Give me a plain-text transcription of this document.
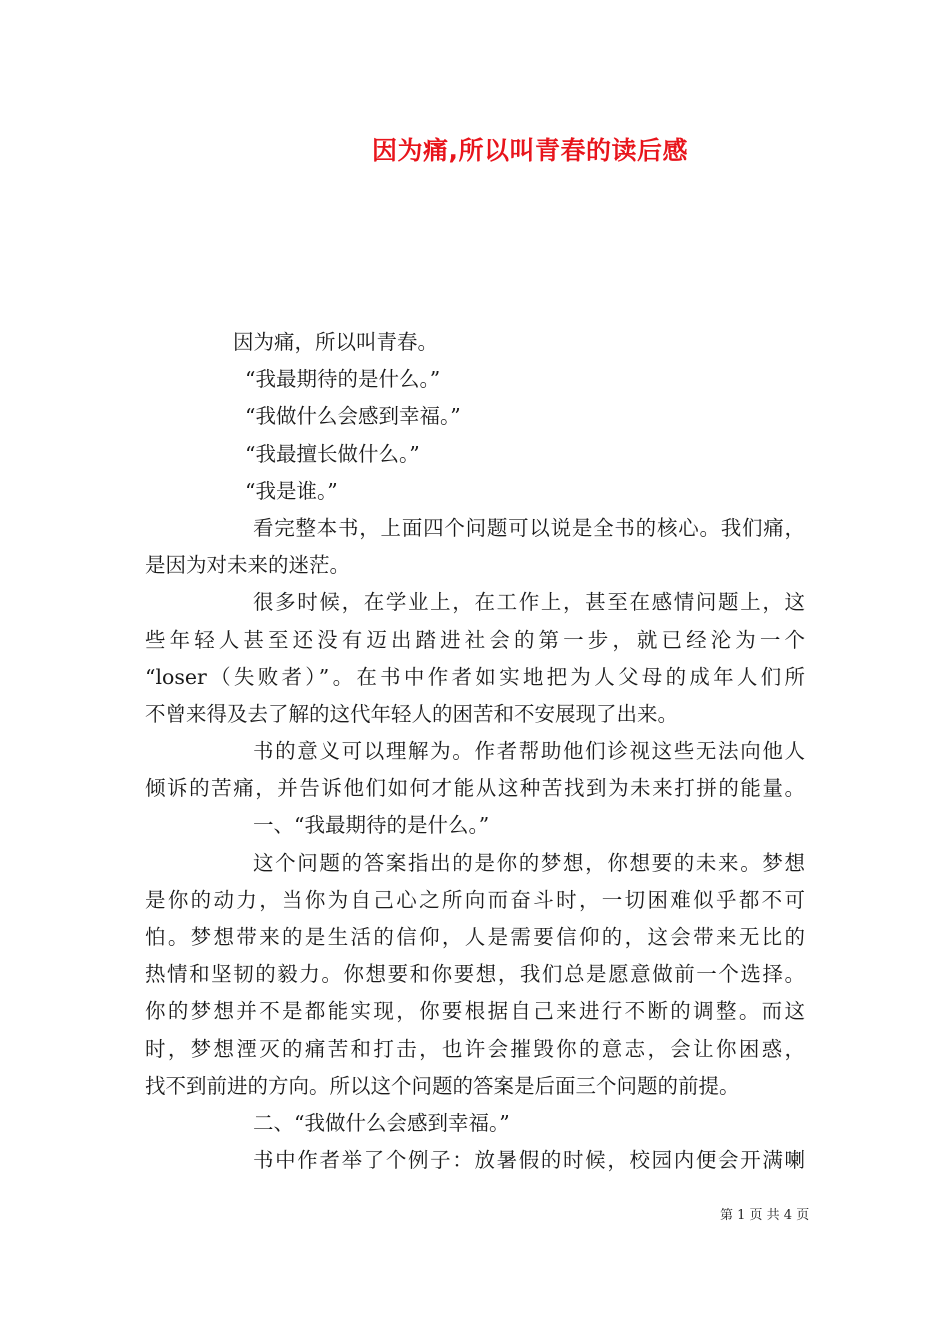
因为痛,所以叫青春的读后感
因为痛，所以叫青春。
“我最期待的是什么。”
“我做什么会感到幸福。”
“我最擅长做什么。”
“我是谁。”
看完整本书，上面四个问题可以说是全书的核心。我们痛，
是因为对未来的迷茫。
很多时候，在学业上，在工作上，甚至在感情问题上，这
些年轻人甚至还没有迈出踏进社会的第一步，就已经沦为一个
“loser（失败者）”。在书中作者如实地把为人父母的成年人们所
不曾来得及去了解的这代年轻人的困苦和不安展现了出来。
书的意义可以理解为。作者帮助他们诊视这些无法向他人
倾诉的苦痛，并告诉他们如何才能从这种苦找到为未来打拼的能量。
一、“我最期待的是什么。”
这个问题的答案指出的是你的梦想，你想要的未来。梦想
是你的动力，当你为自己心之所向而奋斗时，一切困难似乎都不可
怕。梦想带来的是生活的信仰，人是需要信仰的，这会带来无比的
热情和坚韧的毅力。你想要和你要想，我们总是愿意做前一个选择。
你的梦想并不是都能实现，你要根据自己来进行不断的调整。而这
时，梦想湮灭的痛苦和打击，也许会摧毁你的意志，会让你困惑，
找不到前进的方向。所以这个问题的答案是后面三个问题的前提。
二、“我做什么会感到幸福。”
书中作者举了个例子：放暑假的时候，校园内便会开满喇
第 1 页 共 4 页
